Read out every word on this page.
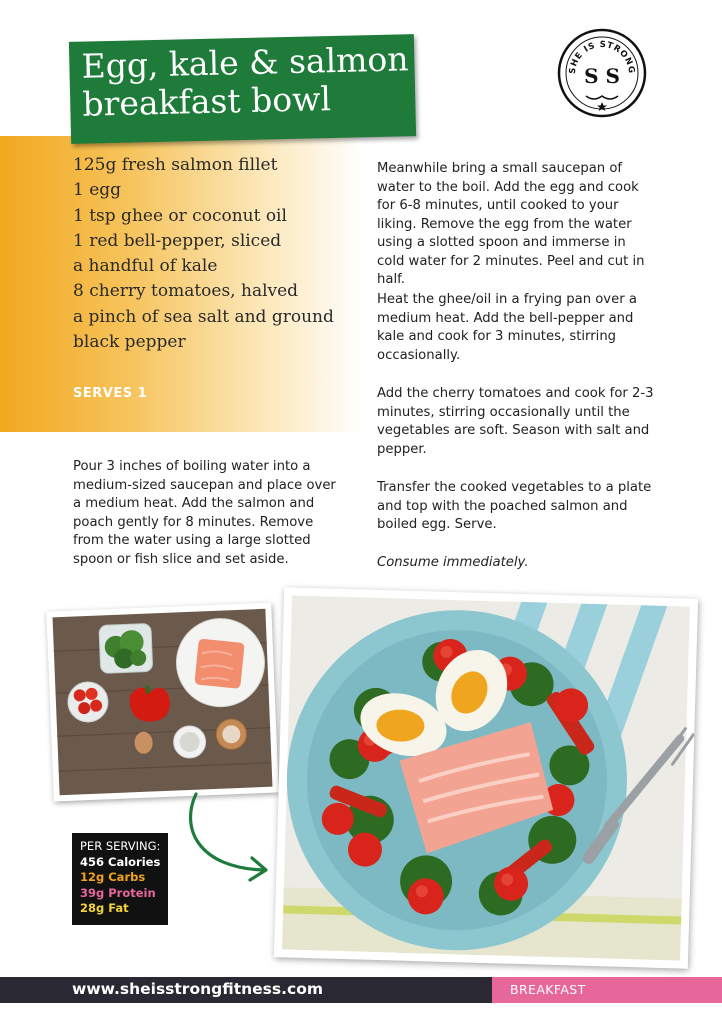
Egg, kale & salmon breakfast bowl
SHE IS STRONG
S S
125g fresh salmon fillet
1 egg
1 tsp ghee or coconut oil
1 red bell-pepper, sliced
a handful of kale
8 cherry tomatoes, halved
a pinch of sea salt and ground
black pepper
SERVES 1

Pour 3 inches of boiling water into a medium-sized saucepan and place over a medium heat. Add the salmon and poach gently for 8 minutes. Remove from the water using a large slotted spoon or fish slice and set aside.

Meanwhile bring a small saucepan of water to the boil. Add the egg and cook for 6-8 minutes, until cooked to your liking. Remove the egg from the water using a slotted spoon and immerse in cold water for 2 minutes. Peel and cut in half.

Heat the ghee/oil in a frying pan over a medium heat. Add the bell-pepper and kale and cook for 3 minutes, stirring occasionally.

Add the cherry tomatoes and cook for 2-3 minutes, stirring occasionally until the vegetables are soft. Season with salt and pepper.

Transfer the cooked vegetables to a plate and top with the poached salmon and boiled egg. Serve.

Consume immediately.

PER SERVING:
456 Calories
12g Carbs
39g Protein
28g Fat
www.sheisstrongfitness.com	BREAKFAST
